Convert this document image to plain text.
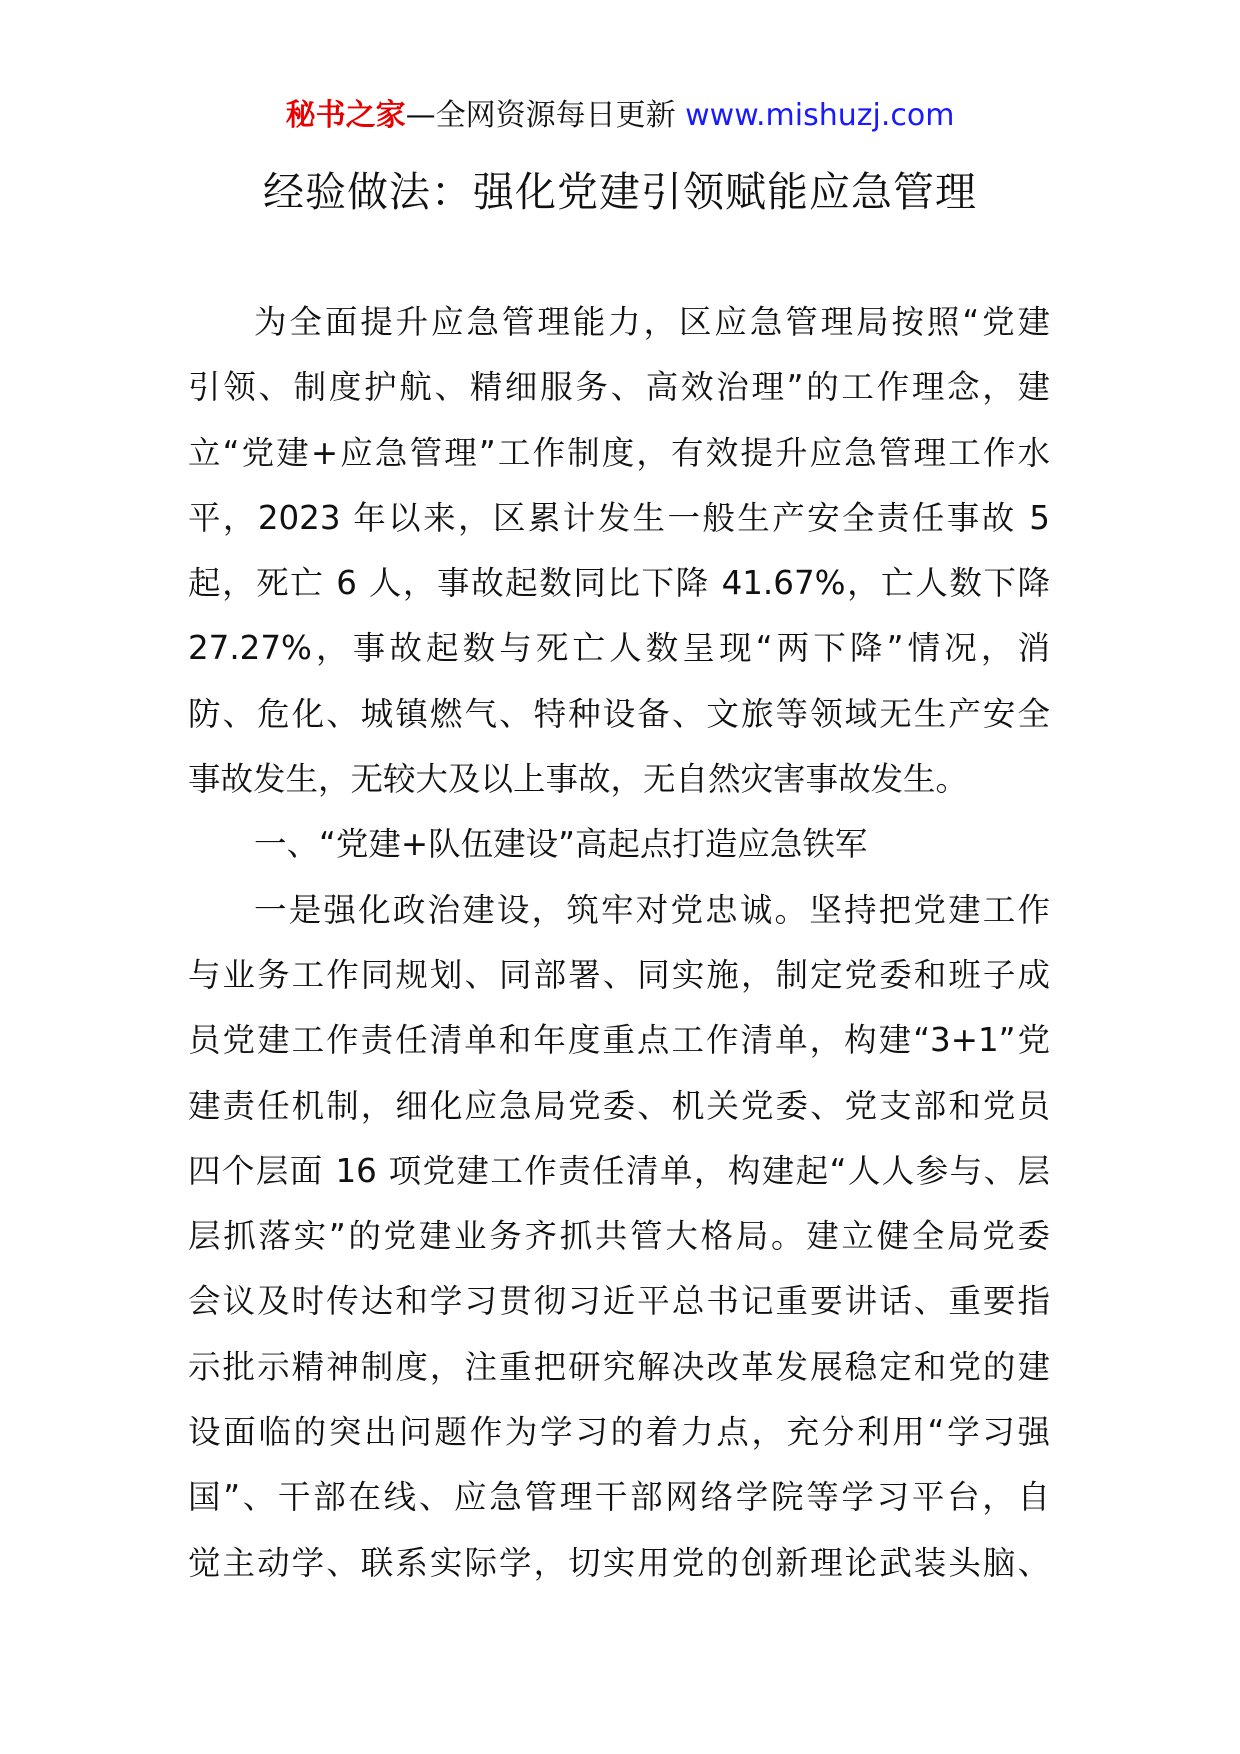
秘书之家—全网资源每日更新 www.mishuzj.com
经验做法：强化党建引领赋能应急管理
为全面提升应急管理能力，区应急管理局按照“党建
引领、制度护航、精细服务、高效治理”的工作理念，建
立“党建+应急管理”工作制度，有效提升应急管理工作水
平，2023 年以来，区累计发生一般生产安全责任事故 5
起，死亡 6 人，事故起数同比下降 41.67%，亡人数下降
27.27%，事故起数与死亡人数呈现“两下降”情况，消
防、危化、城镇燃气、特种设备、文旅等领域无生产安全
事故发生，无较大及以上事故，无自然灾害事故发生。
一、“党建+队伍建设”高起点打造应急铁军
一是强化政治建设，筑牢对党忠诚。坚持把党建工作
与业务工作同规划、同部署、同实施，制定党委和班子成
员党建工作责任清单和年度重点工作清单，构建“3+1”党
建责任机制，细化应急局党委、机关党委、党支部和党员
四个层面 16 项党建工作责任清单，构建起“人人参与、层
层抓落实”的党建业务齐抓共管大格局。建立健全局党委
会议及时传达和学习贯彻习近平总书记重要讲话、重要指
示批示精神制度，注重把研究解决改革发展稳定和党的建
设面临的突出问题作为学习的着力点，充分利用“学习强
国”、干部在线、应急管理干部网络学院等学习平台，自
觉主动学、联系实际学，切实用党的创新理论武装头脑、
